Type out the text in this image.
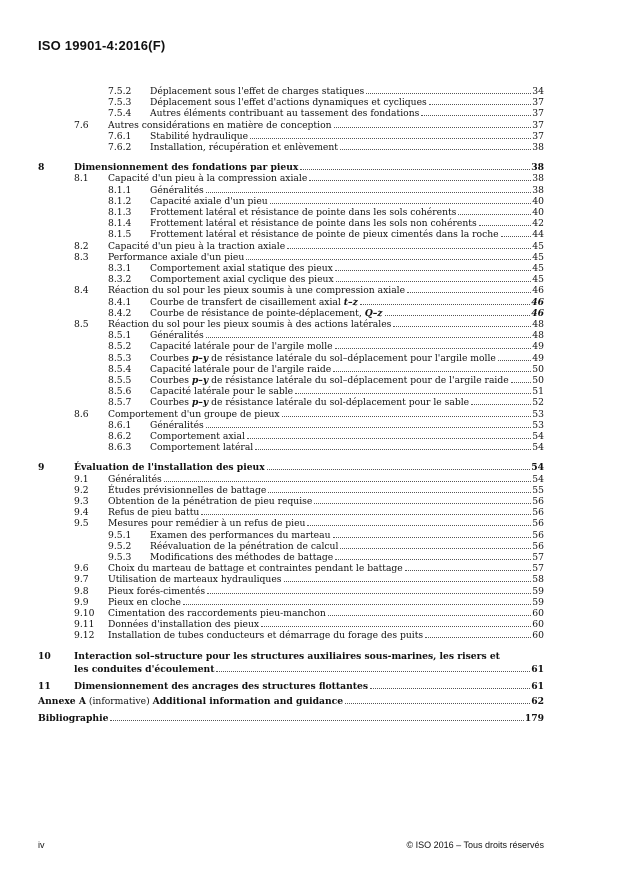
ISO 19901-4:2016(F)
7.5.2 Déplacement sous l'effet de charges statiques	34
7.5.3 Déplacement sous l'effet d'actions dynamiques et cycliques	37
7.5.4 Autres éléments contribuant au tassement des fondations	37
7.6 Autres considérations en matière de conception	37
7.6.1 Stabilité hydraulique	37
7.6.2 Installation, récupération et enlèvement	38
8	Dimensionnement des fondations par pieux	38
8.1 Capacité d'un pieu à la compression axiale	38
8.1.1 Généralités	38
8.1.2 Capacité axiale d'un pieu	40
8.1.3 Frottement latéral et résistance de pointe dans les sols cohérents	40
8.1.4 Frottement latéral et résistance de pointe dans les sols non cohérents	42
8.1.5 Frottement latéral et résistance de pointe de pieux cimentés dans la roche	44
8.2 Capacité d'un pieu à la traction axiale	45
8.3 Performance axiale d'un pieu	45
8.3.1 Comportement axial statique des pieux	45
8.3.2 Comportement axial cyclique des pieux	45
8.4 Réaction du sol pour les pieux soumis à une compression axiale	46
8.4.1 Courbe de transfert de cisaillement axial t–z	46
8.4.2 Courbe de résistance de pointe-déplacement, Q–z	46
8.5 Réaction du sol pour les pieux soumis à des actions latérales	48
8.5.1 Généralités	48
8.5.2 Capacité latérale pour de l'argile molle	49
8.5.3 Courbes p–y de résistance latérale du sol–déplacement pour l'argile molle	49
8.5.4 Capacité latérale pour de l'argile raide	50
8.5.5 Courbes p–y de résistance latérale du sol–déplacement pour de l'argile raide	50
8.5.6 Capacité latérale pour le sable	51
8.5.7 Courbes p–y de résistance latérale du sol-déplacement pour le sable	52
8.6 Comportement d'un groupe de pieux	53
8.6.1 Généralités	53
8.6.2 Comportement axial	54
8.6.3 Comportement latéral	54
9	Évaluation de l'installation des pieux	54
9.1 Généralités	54
9.2 Études prévisionnelles de battage	55
9.3 Obtention de la pénétration de pieu requise	56
9.4 Refus de pieu battu	56
9.5 Mesures pour remédier à un refus de pieu	56
9.5.1 Examen des performances du marteau	56
9.5.2 Réévaluation de la pénétration de calcul	56
9.5.3 Modifications des méthodes de battage	57
9.6 Choix du marteau de battage et contraintes pendant le battage	57
9.7 Utilisation de marteaux hydrauliques	58
9.8 Pieux forés-cimentés	59
9.9 Pieux en cloche	59
9.10 Cimentation des raccordements pieu-manchon	60
9.11 Données d'installation des pieux	60
9.12 Installation de tubes conducteurs et démarrage du forage des puits	60
10	Interaction sol–structure pour les structures auxiliaires sous-marines, les risers et
les conduites d'écoulement	61
11	Dimensionnement des ancrages des structures flottantes	61
Annexe A (informative) Additional information and guidance	62
Bibliographie	179
iv	© ISO 2016 – Tous droits réservés
